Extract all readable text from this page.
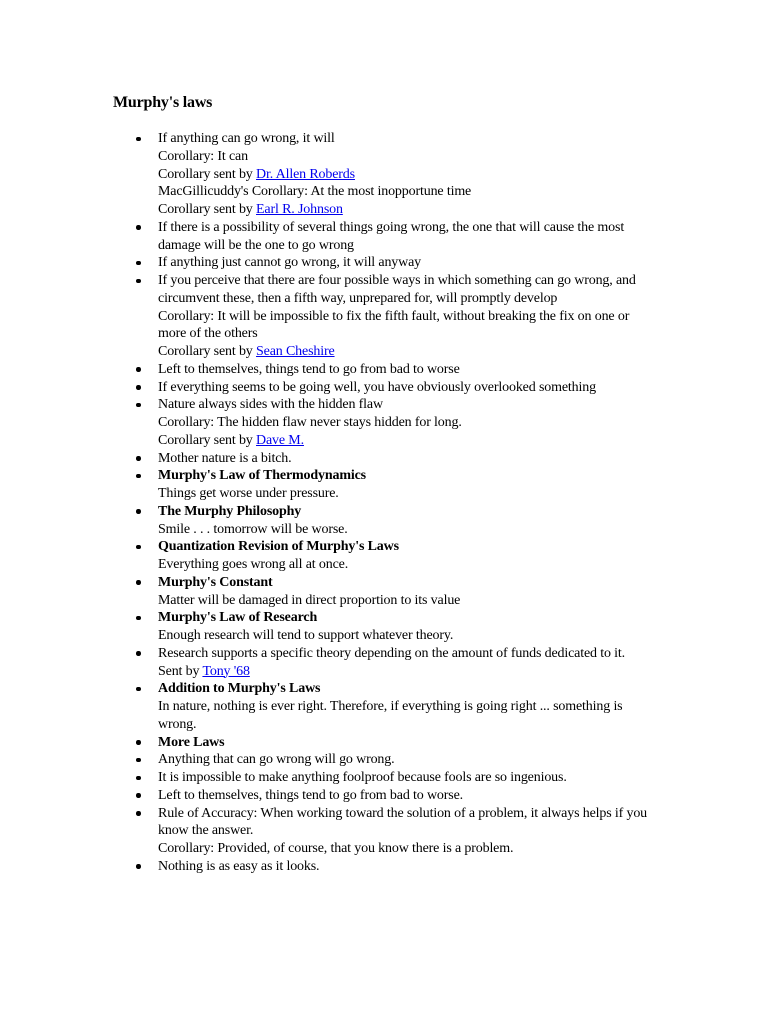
Murphy's laws
If anything can go wrong, it will
Corollary: It can
Corollary sent by Dr. Allen Roberds
MacGillicuddy's Corollary: At the most inopportune time
Corollary sent by Earl R. Johnson
If there is a possibility of several things going wrong, the one that will cause the most damage will be the one to go wrong
If anything just cannot go wrong, it will anyway
If you perceive that there are four possible ways in which something can go wrong, and circumvent these, then a fifth way, unprepared for, will promptly develop
Corollary: It will be impossible to fix the fifth fault, without breaking the fix on one or more of the others
Corollary sent by Sean Cheshire
Left to themselves, things tend to go from bad to worse
If everything seems to be going well, you have obviously overlooked something
Nature always sides with the hidden flaw
Corollary: The hidden flaw never stays hidden for long.
Corollary sent by Dave M.
Mother nature is a bitch.
Murphy's Law of Thermodynamics
Things get worse under pressure.
The Murphy Philosophy
Smile . . . tomorrow will be worse.
Quantization Revision of Murphy's Laws
Everything goes wrong all at once.
Murphy's Constant
Matter will be damaged in direct proportion to its value
Murphy's Law of Research
Enough research will tend to support whatever theory.
Research supports a specific theory depending on the amount of funds dedicated to it.
Sent by Tony '68
Addition to Murphy's Laws
In nature, nothing is ever right. Therefore, if everything is going right ... something is wrong.
More Laws
Anything that can go wrong will go wrong.
It is impossible to make anything foolproof because fools are so ingenious.
Left to themselves, things tend to go from bad to worse.
Rule of Accuracy: When working toward the solution of a problem, it always helps if you know the answer.
Corollary: Provided, of course, that you know there is a problem.
Nothing is as easy as it looks.
